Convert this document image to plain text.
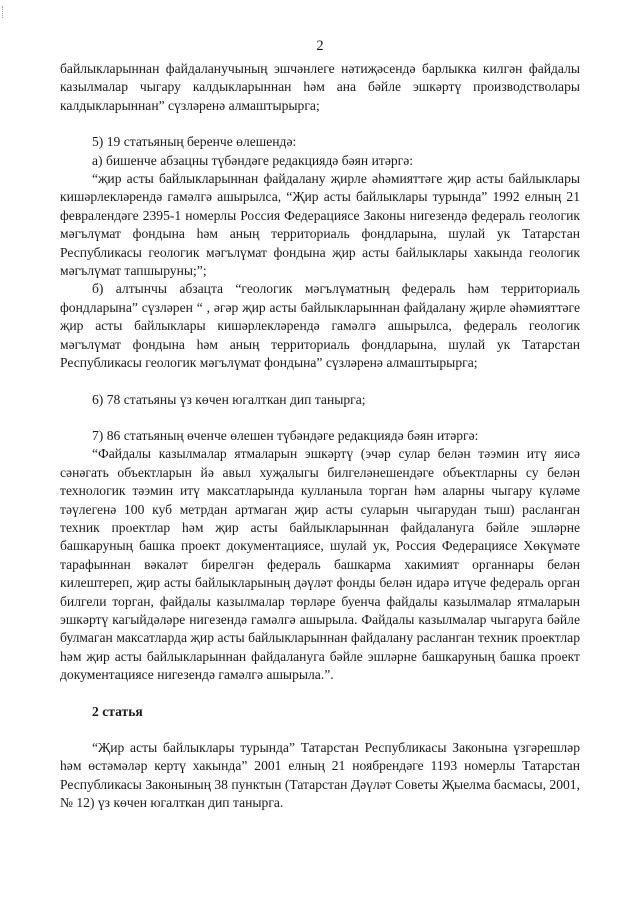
2

байлыкларыннан файдаланучының эшчәнлеге нәтиҗәсендә барлыкка килгән файдалы казылмалар чыгару калдыкларыннан һәм ана бәйле эшкәртү производстволары калдыкларыннан” сүзләренә алмаштырырга;

5) 19 статьяның беренче өлешендә:

а) бишенче абзацны түбәндәге редакциядә бәян итәргә:

“җир асты байлыкларыннан файдалану җирле әһәмияттәге җир асты байлыклары кишәрлекләрендә гамәлгә ашырылса, “Җир асты байлыклары турында” 1992 елның 21 февралендәге 2395-1 номерлы Россия Федерациясе Законы нигезендә федераль геологик мәгълүмат фондына һәм аның территориаль фондларына, шулай ук Татарстан Республикасы геологик мәгълүмат фондына җир асты байлыклары хакында геологик мәгълүмат тапшыруны;”;

б) алтынчы абзацта “геологик мәгълүматның федераль һәм территориаль фондларына” сүзләрен “ , әгәр җир асты байлыкларыннан файдалану җирле әһәмияттәге җир асты байлыклары кишәрлекләрендә гамәлгә ашырылса, федераль геологик мәгълүмат фондына һәм аның территориаль фондларына, шулай ук Татарстан Республикасы геологик мәгълүмат фондына” сүзләренә алмаштырырга;

6) 78 статьяны үз көчен югалткан дип танырга;

7) 86 статьяның өченче өлешен түбәндәге редакциядә бәян итәргә:

“Файдалы казылмалар ятмаларын эшкәртү (эчәр сулар белән тәэмин итү яисә сәнәгать объектларын йә авыл хуҗалыгы билгеләнешендәге объектларны су белән технологик тәэмин итү максатларында кулланыла торган һәм аларны чыгару күләме тәүлегенә 100 куб метрдан артмаган җир асты суларын чыгарудан тыш) расланган техник проектлар һәм җир асты байлыкларыннан файдалануга бәйле эшләрне башкаруның башка проект документациясе, шулай ук, Россия Федерациясе Хөкүмәте тарафыннан вәкаләт бирелгән федераль башкарма хакимият органнары белән килештереп, җир асты байлыкларының дәүләт фонды белән идарә итүче федераль орган билгели торган, файдалы казылмалар төрләре буенча файдалы казылмалар ятмаларын эшкәртү кагыйдәләре нигезендә гамәлгә ашырыла. Файдалы казылмалар чыгаруга бәйле булмаган максатларда җир асты байлыкларыннан файдалану расланган техник проектлар һәм җир асты байлыкларыннан файдалануга бәйле эшләрне башкаруның башка проект документациясе нигезендә гамәлгә ашырыла.”.

2 статья

“Җир асты байлыклары турында” Татарстан Республикасы Законына үзгәрешләр һәм өстәмәләр кертү хакында” 2001 елның 21 ноябрендәге 1193 номерлы Татарстан Республикасы Законының 38 пунктын (Татарстан Дәүләт Советы Җыелма басмасы, 2001, № 12) үз көчен югалткан дип танырга.
